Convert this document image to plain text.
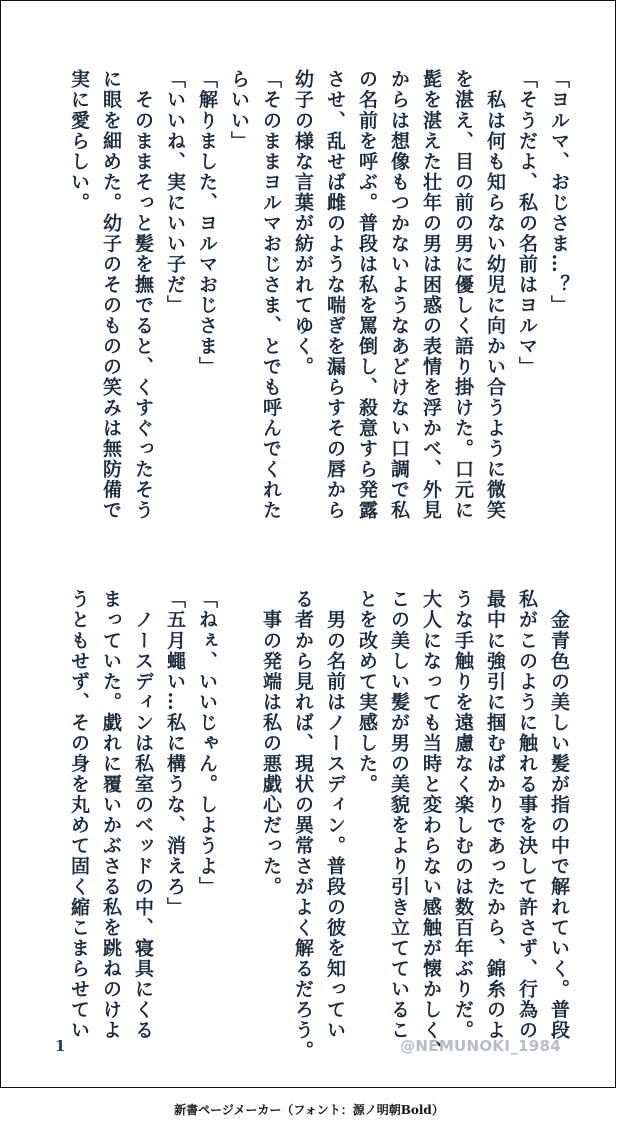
「ヨルマ、おじさま…？」
「そうだよ、私の名前はヨルマ」
　私は何も知らない幼児に向かい合うように微笑
を湛え、目の前の男に優しく語り掛けた。口元に
髭を湛えた壮年の男は困惑の表情を浮かべ、外見
からは想像もつかないようなあどけない口調で私
の名前を呼ぶ。普段は私を罵倒し、殺意すら発露
させ、乱せば雌のような喘ぎを漏らすその唇から
幼子の様な言葉が紡がれてゆく。
「そのままヨルマおじさま、とでも呼んでくれた
らいい」
「解りました、ヨルマおじさま」
「いいね、実にいい子だ」
　そのままそっと髪を撫でると、くすぐったそう
に眼を細めた。幼子のそのものの笑みは無防備で
実に愛らしい。
　金青色の美しい髪が指の中で解れていく。普段
私がこのように触れる事を決して許さず、行為の
最中に強引に掴むばかりであったから、錦糸のよ
うな手触りを遠慮なく楽しむのは数百年ぶりだ。
大人になっても当時と変わらない感触が懐かしく、
この美しい髪が男の美貌をより引き立てているこ
とを改めて実感した。
　男の名前はノースディン。普段の彼を知ってい
る者から見れば、現状の異常さがよく解るだろう。
　事の発端は私の悪戯心だった。

「ねぇ、いいじゃん。しようよ」
「五月蠅い…私に構うな、消えろ」
　ノースディンは私室のベッドの中、寝具にくる
まっていた。戯れに覆いかぶさる私を跳ねのけよ
うともせず、その身を丸めて固く縮こまらせてい
1	@NEMUNOKI_1984
新書ページメーカー（フォント：源ノ明朝Bold）
